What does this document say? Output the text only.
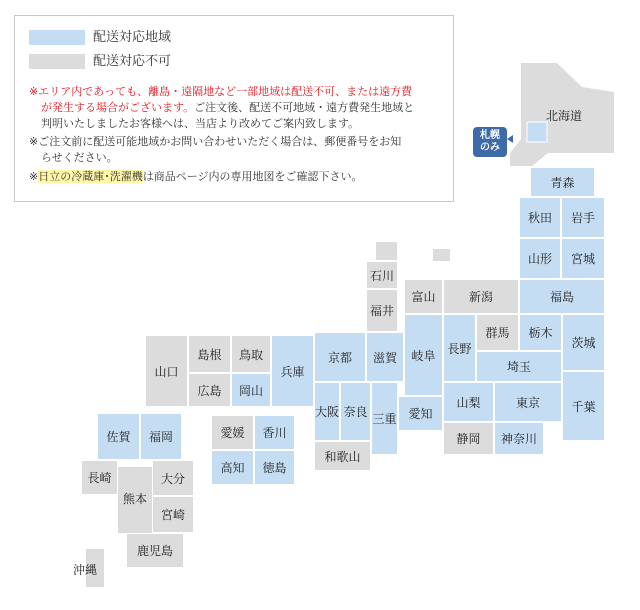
配送対応地域
配送対応不可
※エリア内であっても、離島・遠隔地など一部地域は配送不可、または遠方費
が発生する場合がございます。ご注文後、配送不可地域・遠方費発生地域と
判明いたしましたお客様へは、当店より改めてご案内致します。
※ご注文前に配送可能地域かお問い合わせいただく場合は、郵便番号をお知
らせください。
※日立の冷蔵庫･洗濯機は商品ページ内の専用地図をご確認下さい。
北海道
札幌
のみ
青森
秋田	岩手
山形	宮城
福島
茨城
栃木
群馬
埼玉
千葉
東京
神奈川
新潟
富山
石川
福井
長野
山梨
静岡
岐阜
愛知
滋賀
京都
三重
奈良
大阪
和歌山
兵庫
島根	鳥取
広島	岡山
山口
愛媛	香川
高知	徳島
佐賀	福岡
長崎	大分
熊本
宮崎
鹿児島
沖縄
